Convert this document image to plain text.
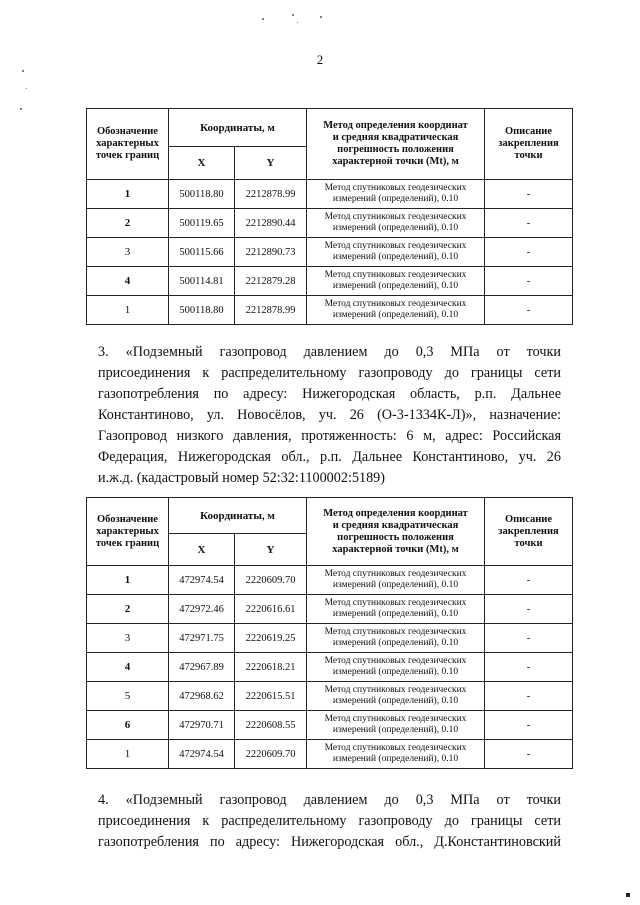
2
Обозначение
характерных
точек границ	Координаты, м		Метод определения координат
и средняя квадратическая
погрешность положения
характерной точки (Mt), м	Описание
закрепления
точки
	X	Y		
1	500118.80	2212878.99	Метод спутниковых геодезических
измерений (определений), 0.10	-
2	500119.65	2212890.44	Метод спутниковых геодезических
измерений (определений), 0.10	-
3	500115.66	2212890.73	Метод спутниковых геодезических
измерений (определений), 0.10	-
4	500114.81	2212879.28	Метод спутниковых геодезических
измерений (определений), 0.10	-
1	500118.80	2212878.99	Метод спутниковых геодезических
измерений (определений), 0.10	-
3. «Подземный газопровод давлением до 0,3 МПа от точки
присоединения к распределительному газопроводу до границы сети
газопотребления по адресу: Нижегородская область, р.п. Дальнее
Константиново, ул. Новосёлов, уч. 26 (О-3-1334К-Л)», назначение:
Газопровод низкого давления, протяженность: 6 м, адрес: Российская
Федерация, Нижегородская обл., р.п. Дальнее Константиново, уч. 26
и.ж.д. (кадастровый номер 52:32:1100002:5189)
Обозначение
характерных
точек границ	Координаты, м		Метод определения координат
и средняя квадратическая
погрешность положения
характерной точки (Mt), м	Описание
закрепления
точки
	X	Y		
1	472974.54	2220609.70	Метод спутниковых геодезических
измерений (определений), 0.10	-
2	472972.46	2220616.61	Метод спутниковых геодезических
измерений (определений), 0.10	-
3	472971.75	2220619.25	Метод спутниковых геодезических
измерений (определений), 0.10	-
4	472967.89	2220618.21	Метод спутниковых геодезических
измерений (определений), 0.10	-
5	472968.62	2220615.51	Метод спутниковых геодезических
измерений (определений), 0.10	-
6	472970.71	2220608.55	Метод спутниковых геодезических
измерений (определений), 0.10	-
1	472974.54	2220609.70	Метод спутниковых геодезических
измерений (определений), 0.10	-
4. «Подземный газопровод давлением до 0,3 МПа от точки
присоединения к распределительному газопроводу до границы сети
газопотребления по адресу: Нижегородская обл., Д.Константиновский
